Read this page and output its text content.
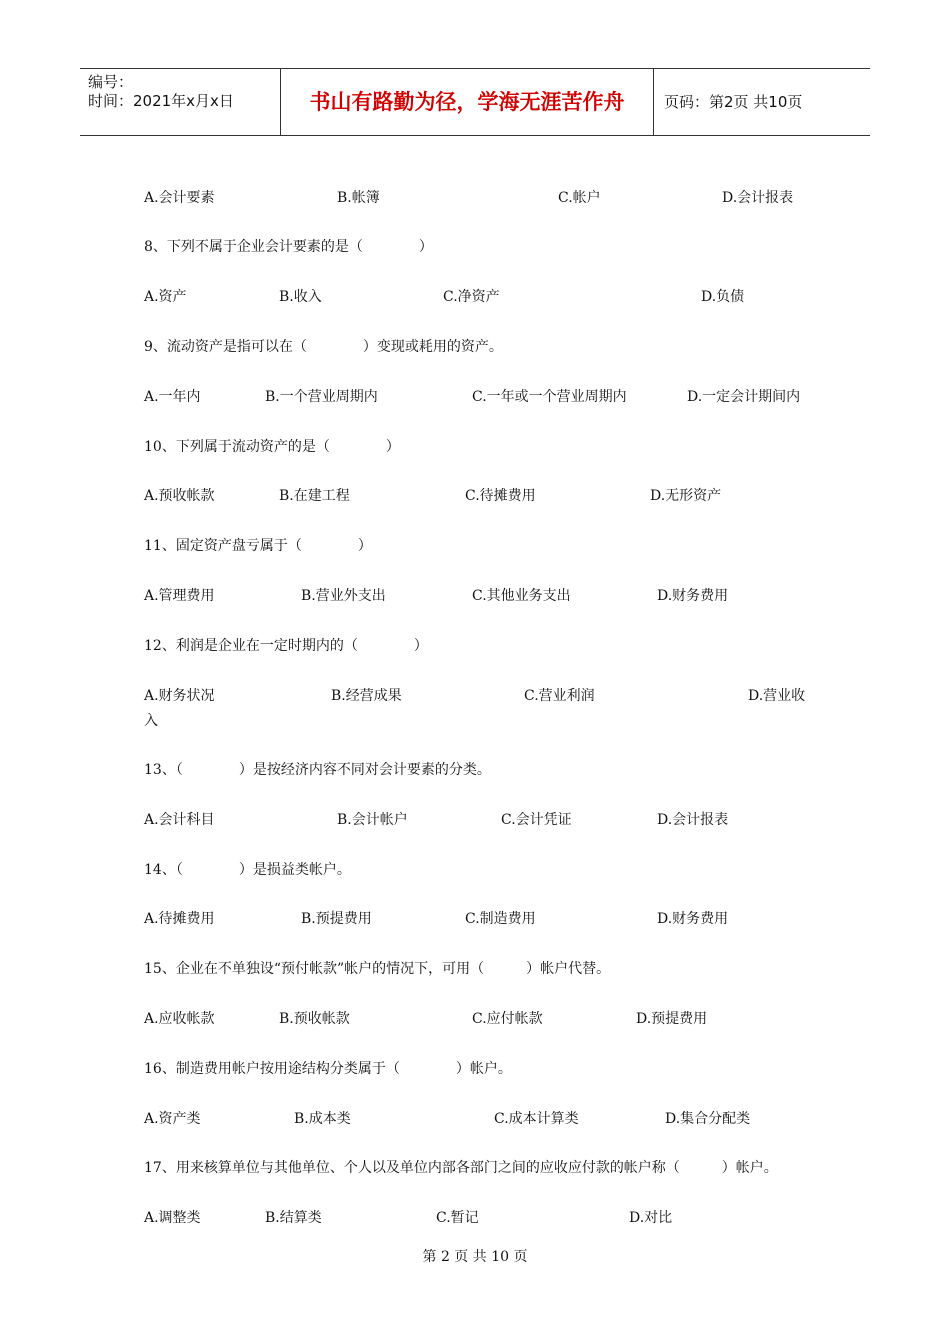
编号：
时间：2021年x月x日	书山有路勤为径，学海无涯苦作舟	页码：第2页 共10页
A.会计要素	B.帐簿	C.帐户	D.会计报表
8、下列不属于企业会计要素的是（　　　　）
A.资产	B.收入	C.净资产	D.负债
9、流动资产是指可以在（　　　　）变现或耗用的资产。
A.一年内	B.一个营业周期内	C.一年或一个营业周期内	D.一定会计期间内
10、下列属于流动资产的是（　　　　）
A.预收帐款	B.在建工程	C.待摊费用	D.无形资产
11、固定资产盘亏属于（　　　　）
A.管理费用	B.营业外支出	C.其他业务支出	D.财务费用
12、利润是企业在一定时期内的（　　　　）
A.财务状况	B.经营成果	C.营业利润	D.营业收
入
13、（　　　　）是按经济内容不同对会计要素的分类。
A.会计科目	B.会计帐户	C.会计凭证	D.会计报表
14、（　　　　）是损益类帐户。
A.待摊费用	B.预提费用	C.制造费用	D.财务费用
15、企业在不单独设“预付帐款”帐户的情况下，可用（　　　）帐户代替。
A.应收帐款	B.预收帐款	C.应付帐款	D.预提费用
16、制造费用帐户按用途结构分类属于（　　　　）帐户。
A.资产类	B.成本类	C.成本计算类	D.集合分配类
17、用来核算单位与其他单位、个人以及单位内部各部门之间的应收应付款的帐户称（　　　）帐户。
A.调整类	B.结算类	C.暂记	D.对比
第 2 页 共 10 页
